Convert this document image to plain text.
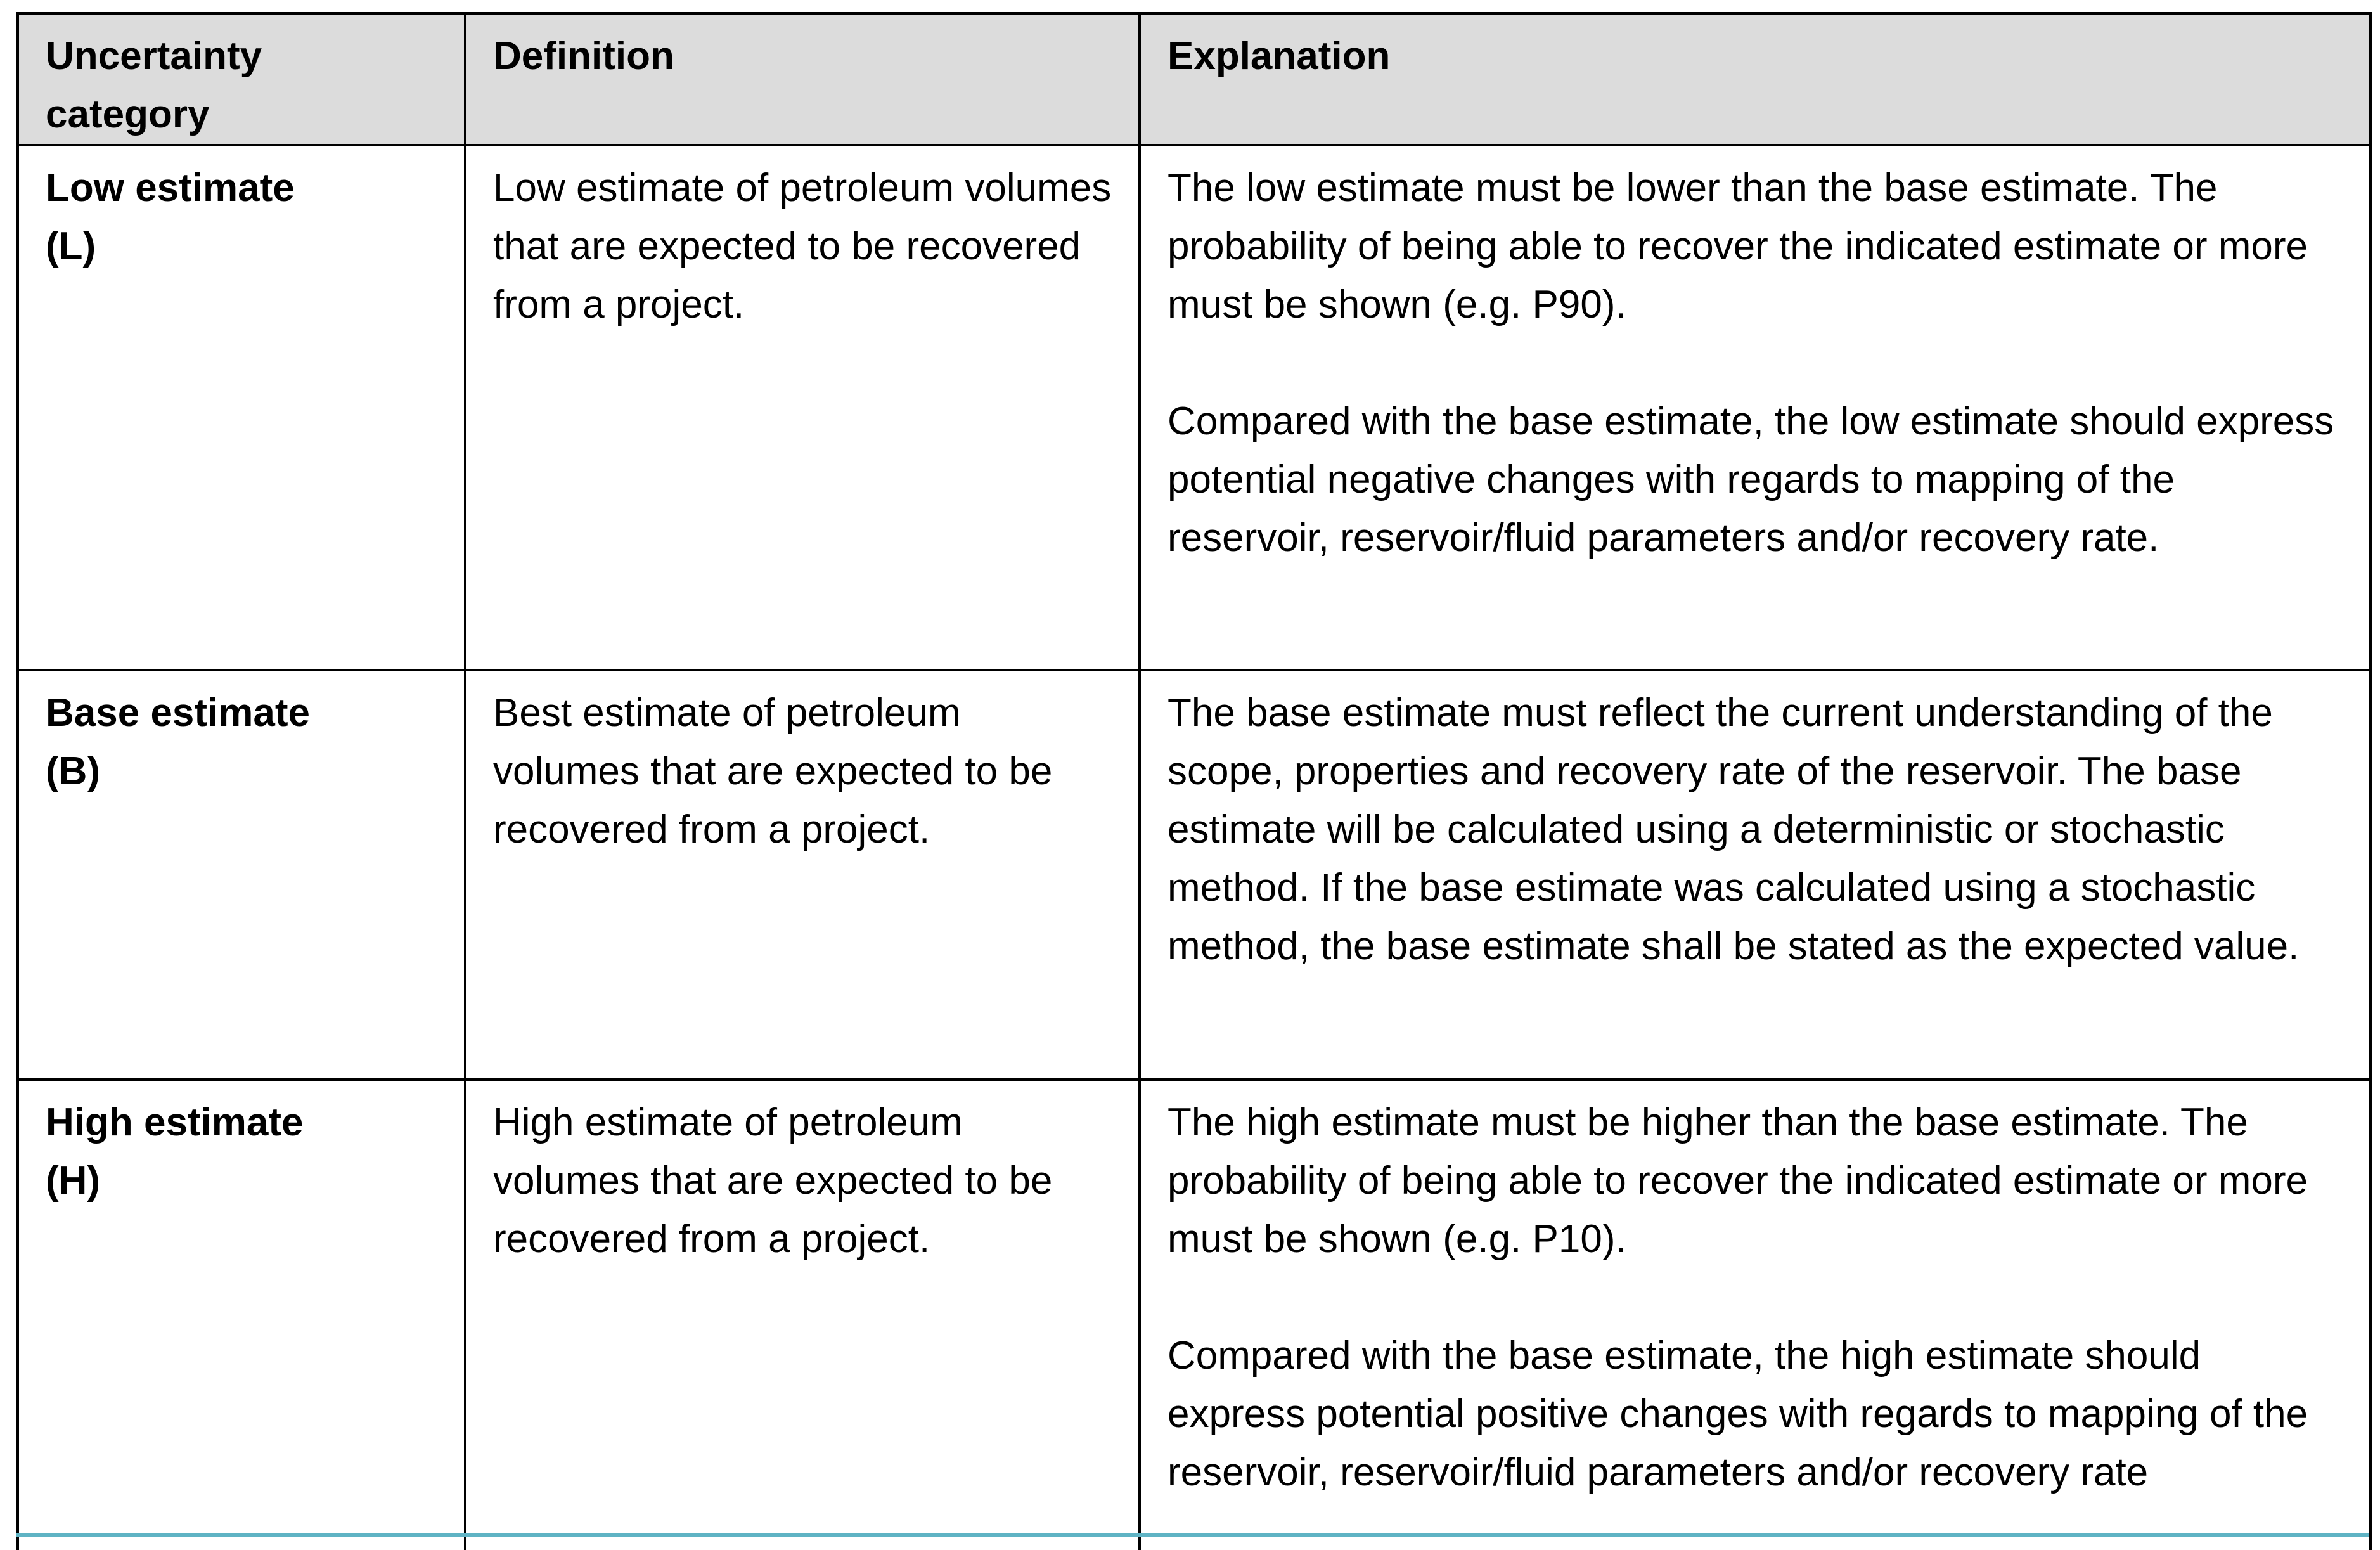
Uncertainty
category	Definition	Explanation

Low estimate
(L)	Low estimate of petroleum volumes that are expected to be recovered from a project.	The low estimate must be lower than the base estimate. The probability of being able to recover the indicated estimate or more must be shown (e.g. P90).
Compared with the base estimate, the low estimate should express potential negative changes with regards to mapping of the reservoir, reservoir/fluid parameters and/or recovery rate.

Base estimate
(B)	Best estimate of petroleum volumes that are expected to be recovered from a project.	The base estimate must reflect the current understanding of the scope, properties and recovery rate of the reservoir. The base estimate will be calculated using a deterministic or stochastic method. If the base estimate was calculated using a stochastic method, the base estimate shall be stated as the expected value.

High estimate
(H)	High estimate of petroleum volumes that are expected to be recovered from a project.	The high estimate must be higher than the base estimate. The probability of being able to recover the indicated estimate or more must be shown (e.g. P10).
Compared with the base estimate, the high estimate should express potential positive changes with regards to mapping of the reservoir, reservoir/fluid parameters and/or recovery rate
